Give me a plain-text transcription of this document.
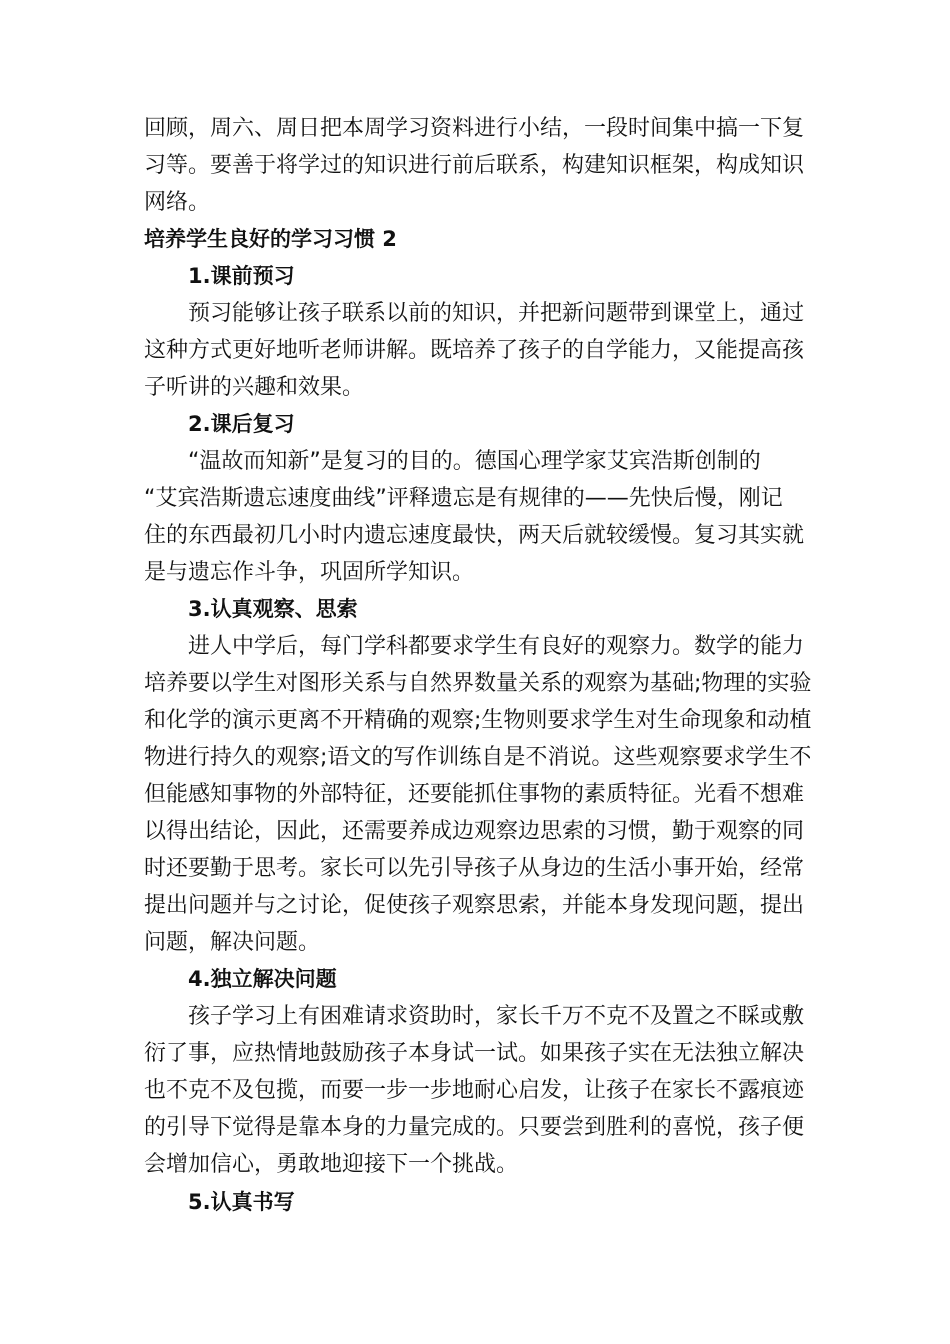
回顾，周六、周日把本周学习资料进行小结，一段时间集中搞一下复
习等。要善于将学过的知识进行前后联系，构建知识框架，构成知识
网络。
培养学生良好的学习习惯 2
1.课前预习
预习能够让孩子联系以前的知识，并把新问题带到课堂上，通过
这种方式更好地听老师讲解。既培养了孩子的自学能力，又能提高孩
子听讲的兴趣和效果。
2.课后复习
“温故而知新”是复习的目的。德国心理学家艾宾浩斯创制的
“艾宾浩斯遗忘速度曲线”评释遗忘是有规律的——先快后慢，刚记
住的东西最初几小时内遗忘速度最快，两天后就较缓慢。复习其实就
是与遗忘作斗争，巩固所学知识。
3.认真观察、思索
进人中学后，每门学科都要求学生有良好的观察力。数学的能力
培养要以学生对图形关系与自然界数量关系的观察为基础;物理的实验
和化学的演示更离不开精确的观察;生物则要求学生对生命现象和动植
物进行持久的观察;语文的写作训练自是不消说。这些观察要求学生不
但能感知事物的外部特征，还要能抓住事物的素质特征。光看不想难
以得出结论，因此，还需要养成边观察边思索的习惯，勤于观察的同
时还要勤于思考。家长可以先引导孩子从身边的生活小事开始，经常
提出问题并与之讨论，促使孩子观察思索，并能本身发现问题，提出
问题，解决问题。
4.独立解决问题
孩子学习上有困难请求资助时，家长千万不克不及置之不睬或敷
衍了事，应热情地鼓励孩子本身试一试。如果孩子实在无法独立解决
也不克不及包揽，而要一步一步地耐心启发，让孩子在家长不露痕迹
的引导下觉得是靠本身的力量完成的。只要尝到胜利的喜悦，孩子便
会增加信心，勇敢地迎接下一个挑战。
5.认真书写
